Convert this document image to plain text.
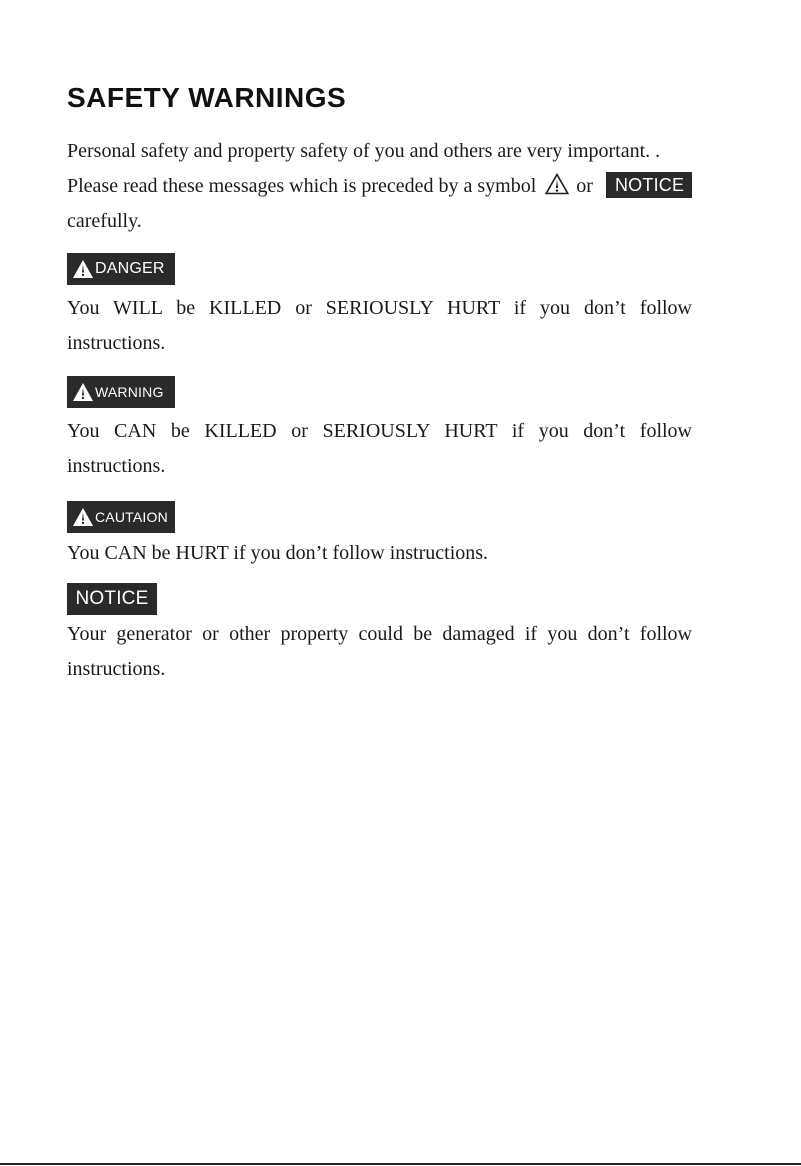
SAFETY WARNINGS
Personal safety and property safety of you and others are very important. .
Please read these messages which is preceded by a symbol or NOTICE
carefully.
DANGER

You WILL be KILLED or SERIOUSLY HURT if you don’t follow instructions.

WARNING

You CAN be KILLED or SERIOUSLY HURT if you don’t follow instructions.

CAUTAION

You CAN be HURT if you don’t follow instructions.

NOTICE

Your generator or other property could be damaged if you don’t follow instructions.
